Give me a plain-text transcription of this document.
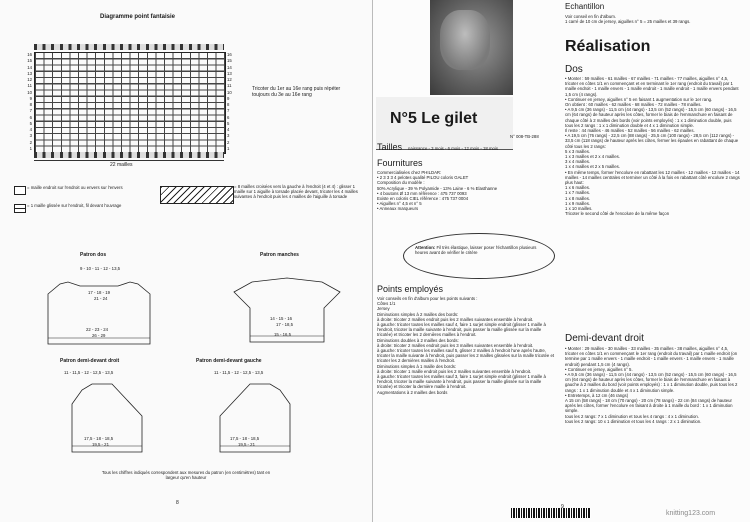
Diagramme point fantaisie
16
15
14
13
12
11
10
9
8
7
6
5
4
3
2
1
16
15
14
13
12
11
10
9
8
7
6
5
4
3
2
1
Tricoter du 1er au 16e rang puis répéter toujours du 3e au 16e rang
22 mailles
= maille endroit sur l'endroit ou envers sur l'envers
= 1 maille glissée sur l'endroit, fil devant l'ouvrage
= 8 mailles croisées vers la gauche à l'endroit (4 et 4) : glisser 1 maille sur 1 aiguille à torsade placée devant, tricoter les 4 mailles suivantes à l'endroit puis les 4 mailles de l'aiguille à torsade
Patron dos
9 - 10 - 11 - 12 - 13,5
17 - 18 - 19
21 - 24
22 - 23 - 24
26 - 29
Patron manches
14 - 15 - 16
17 - 18,5
15 - 16,5
Patron demi-devant droit
11 - 11,5 - 12 - 12,5 - 13,5
17,5 - 18 - 18,5
19,5 - 21
Patron demi-devant gauche
11 - 11,5 - 12 - 12,5 - 13,5
17,5 - 18 - 18,5
19,5 - 21
Tous les chiffres indiqués correspondent aux mesures du patron (en centimètres) tant en largeur qu'en hauteur
8
N°5 Le gilet
N° 008-TB-288
Tailles naissance - 3 mois - 6 mois - 12 mois - 18 mois
Fournitures
Commercialisées chez PHILDAR:
• 2 3 3 3 4 pelotes qualité PILOU coloris GALET
Composition du modèle :
50% Acrylique - 39 % Polyamide - 13% Laine - 6 % Elasthanne
• 4 boutons Ø 13 mm référence : 475 737 0093
Existe en coloris CIEL référence : 475 737 0004
• Aiguilles n° 4,5 et n° 5
• Anneaux marqueurs
Attention: Fil très élastique, laisser poser l'échantillon plusieurs heures avant de vérifier le critère
Points employés
Voir conseils en fin d'album pour les points suivants :
Côtes 1/1
Jersey
Diminutions simples à 2 mailles des bords:
à droite: tricoter 2 mailles endroit puis les 2 mailles suivantes ensemble à l'endroit.
à gauche: tricoter toutes les mailles sauf 4, faire 1 surjet simple endroit (glisser 1 maille à l'endroit, tricoter la maille suivante à l'endroit, puis passer la maille glissée sur la maille tricotée) et tricoter les 2 dernières mailles à l'endroit.
Diminutions doubles à 2 mailles des bords:
à droite: tricoter 2 mailles endroit puis les 3 mailles suivantes ensemble à l'endroit.
à gauche: tricoter toutes les mailles sauf 5, glisser 2 mailles à l'endroit l'une après l'autre, tricoter la maille suivante à l'endroit, puis passer les 2 mailles glissées sur la maille tricotée et tricoter les 2 dernières mailles à l'endroit.
Diminutions simples à 1 maille des bords:
à droite: tricoter 1 maille endroit puis les 2 mailles suivantes ensemble à l'endroit.
à gauche: tricoter toutes les mailles sauf 3, faire 1 surjet simple endroit (glisser 1 maille à l'endroit, tricoter la maille suivante à l'endroit, puis passer la maille glissée sur la maille tricotée) et tricoter la dernière maille à l'endroit.
Augmentations à 2 mailles des bords
Echantillon
Voir conseil en fin d'album.
1 carré de 10 cm de jersey, aiguilles n° 5 = 25 mailles et 39 rangs.
Réalisation
Dos
• Monter : 59 mailles - 61 mailles - 67 mailles - 71 mailles - 77 mailles, aiguilles n° 4,5, tricoter en côtes 1/1 en commençant et en terminant le 1er rang (endroit du travail) par 1 maille endroit - 1 maille envers - 1 maille endroit - 1 maille endroit - 1 maille envers pendant 1,5 cm (4 rangs).
• Continuer en jersey, aiguilles n° 5 en faisant 1 augmentation sur le 1er rang.
On obtient : 60 mailles - 62 mailles - 68 mailles - 72 mailles - 78 mailles.
• A 9,5 cm (36 rangs) - 11,5 cm (44 rangs) - 13,5 cm (52 rangs) - 15,5 cm (60 rangs) - 16,5 cm (64 rangs) de hauteur après les côtes, former le biais de l'emmanchure en faisant de chaque côté à 2 mailles des bords (voir points employés) : 1 x 1 diminution double, puis tous les 2 rangs : 1 x 1 diminution double et 4 x 1 diminution simple.
Il reste : 44 mailles - 46 mailles - 52 mailles - 56 mailles - 62 mailles.
• A 19,5 cm (76 rangs) - 22,5 cm (88 rangs) - 25,5 cm (100 rangs) - 28,5 cm (112 rangs) - 33,5 cm (118 rangs) de hauteur après les côtes, fermer les épaules en rabattant de chaque côté tous les 2 rangs:
5 x 3 mailles.
1 x 3 mailles et 2 x 4 mailles.
3 x 4 mailles.
1 x 4 mailles et 2 x 5 mailles.
• En même temps, former l'encolure en rabattant les 12 mailles - 12 mailles - 12 mailles - 14 mailles - 14 mailles centrales et terminer un côté à la fois en rabattant côté encolure 2 rangs plus haut:
1 x 6 mailles.
1 x 7 mailles.
1 x 8 mailles.
1 x 9 mailles.
1 x 10 mailles.
Tricoter le second côté de l'encolure de la même façon
Demi-devant droit
• Monter : 29 mailles - 30 mailles - 33 mailles - 35 mailles - 38 mailles, aiguilles n° 4,5, tricoter en côtes 1/1 en commençant le 1er rang (endroit du travail) par 1 maille endroit (on termine par 1 maille envers - 1 maille endroit - 1 maille envers - 1 maille envers - 1 maille endroit) pendant 1,5 cm (4 rangs).
• Continuer en jersey, aiguilles n° 5.
• A 9,5 cm (36 rangs) - 11,5 cm (44 rangs) - 13,5 cm (52 rangs) - 15,5 cm (60 rangs) - 16,5 cm (64 rangs) de hauteur après les côtes, former le biais de l'emmanchure en faisant à gauche à 2 mailles du bord (voir points employés) : 1 x 1 diminution double, puis tous les 2 rangs : 1 x 1 diminution double et 4 x 1 diminution simple.
• Entretemps, à 12 cm (46 rangs)
A 15 cm (58 rangs) - 18 cm (70 rangs) - 20 cm (78 rangs) - 22 cm (84 rangs) de hauteur après les côtes, former l'encolure en faisant à droite à 1 maille du bord : 1 x 1 diminution simple.
tous les 2 rangs: 7 x 1 diminution et tous les 4 rangs : 4 x 1 diminution.
tous les 2 rangs: 10 x 1 diminution et tous les 4 rangs : 2 x 1 diminution.
9
knitting123.com
